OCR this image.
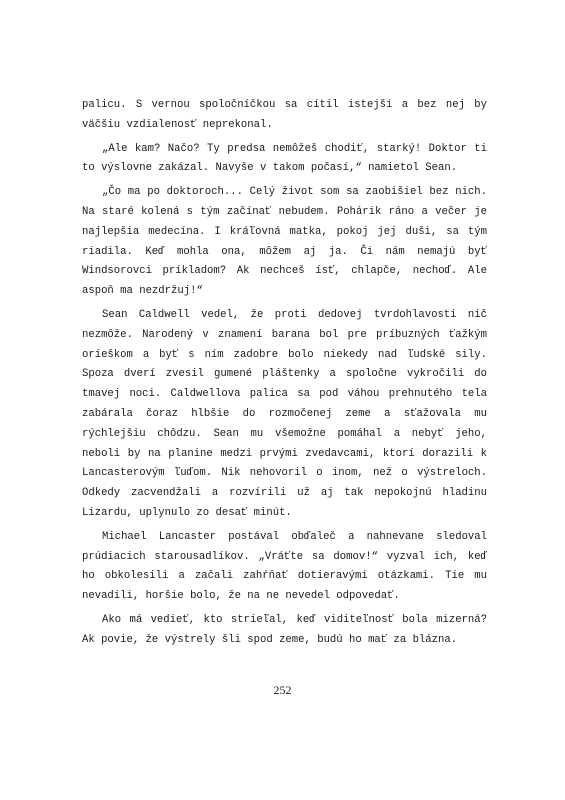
palicu. S vernou spoločníčkou sa cítil istejší a bez nej by väčšiu vzdialenosť neprekonal.

„Ale kam? Načo? Ty predsa nemôžeš chodiť, starký! Doktor ti to výslovne zakázal. Navyše v takom počasí,“ namietol Sean.

„Čo ma po doktoroch... Celý život som sa zaobišiel bez nich. Na staré kolená s tým začínať nebudem. Pohárik ráno a večer je najlepšia medecína. I kráľovná matka, pokoj jej duši, sa tým riadila. Keď mohla ona, môžem aj ja. Či nám nemajú byť Windsorovci príkladom? Ak nechceš ísť, chlapče, nechoď. Ale aspoň ma nezdržuj!“

Sean Caldwell vedel, že proti dedovej tvrdohlavosti nič nezmôže. Narodený v znamení barana bol pre príbuzných ťažkým orieškom a byť s ním zadobre bolo niekedy nad ľudské sily. Spoza dverí zvesil gumené pláštenky a spoločne vykročili do tmavej noci. Caldwellova palica sa pod váhou prehnutého tela zabárala čoraz hlbšie do rozmočenej zeme a sťažovala mu rýchlejšiu chôdzu. Sean mu všemožne pomáhal a nebyť jeho, neboli by na planine medzi prvými zvedavcami, ktorí dorazili k Lancasterovým ľuďom. Nik nehovoril o inom, než o výstreloch. Odkedy zacvendžali a rozvírili už aj tak nepokojnú hladinu Lizardu, uplynulo zo desať minút.

Michael Lancaster postával obďaleč a nahnevane sledoval prúdiacich starousadlíkov. „Vráťte sa domov!“ vyzval ich, keď ho obkolesili a začali zahŕňať dotieravými otázkami. Tie mu nevadili, horšie bolo, že na ne nevedel odpovedať.

Ako má vedieť, kto strieľal, keď viditeľnosť bola mizerná? Ak povie, že výstrely šli spod zeme, budú ho mať za blázna.

252
